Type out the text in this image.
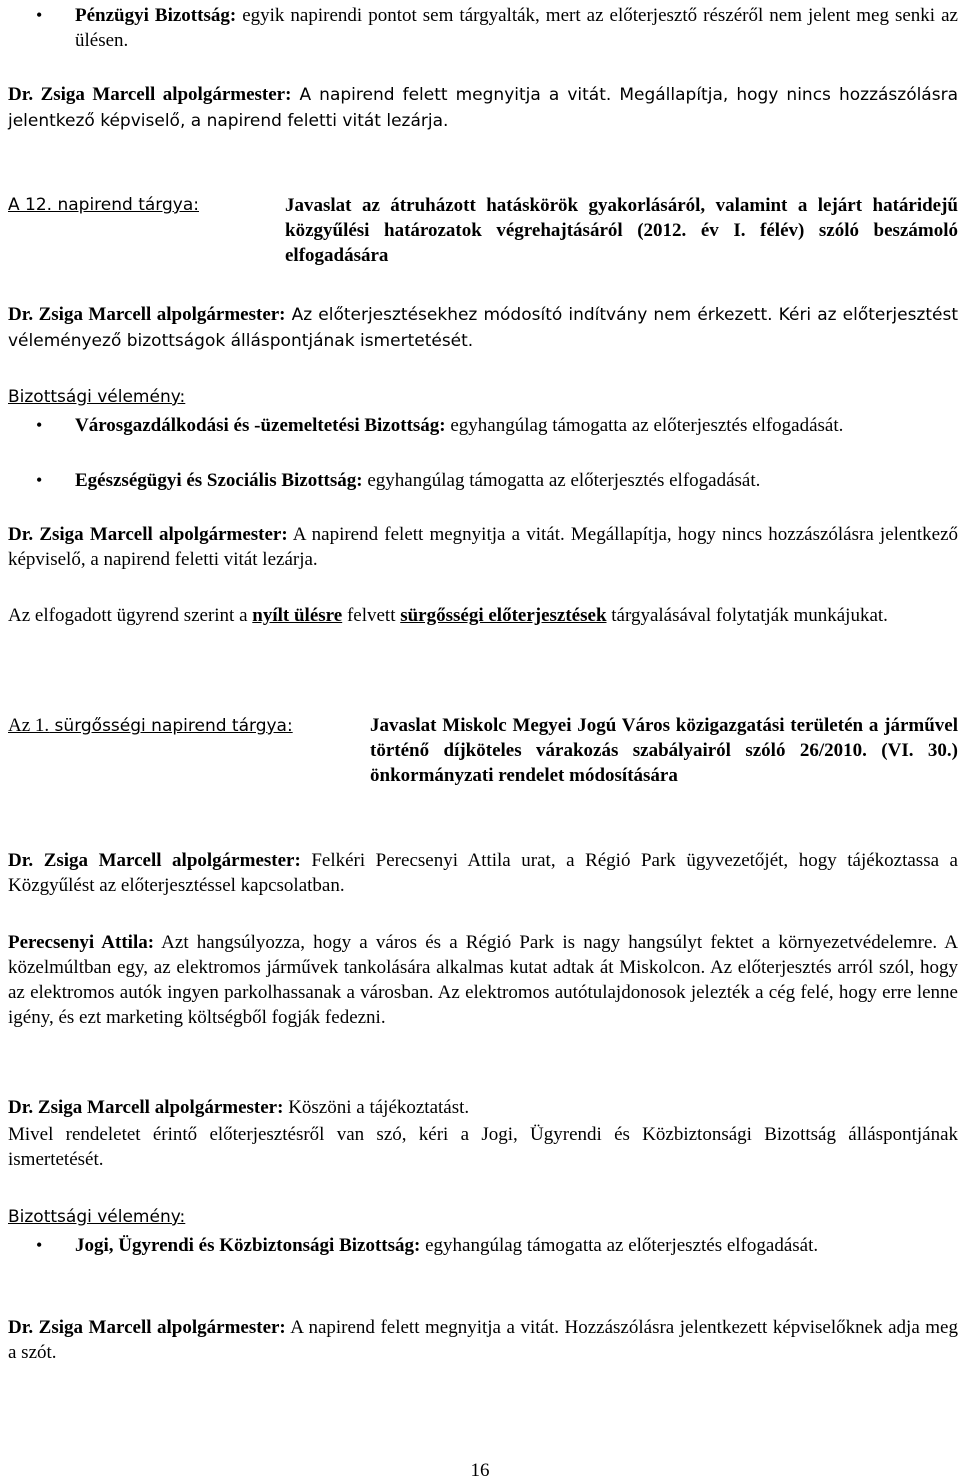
• Pénzügyi Bizottság: egyik napirendi pontot sem tárgyalták, mert az előterjesztő részéről nem jelent meg senki az ülésen.

Dr. Zsiga Marcell alpolgármester: A napirend felett megnyitja a vitát. Megállapítja, hogy nincs hozzászólásra jelentkező képviselő, a napirend feletti vitát lezárja.

A 12. napirend tárgya:	Javaslat az átruházott hatáskörök gyakorlásáról, valamint a lejárt határidejű közgyűlési határozatok végrehajtásáról (2012. év I. félév) szóló beszámoló elfogadására

Dr. Zsiga Marcell alpolgármester: Az előterjesztésekhez módosító indítvány nem érkezett. Kéri az előterjesztést véleményező bizottságok álláspontjának ismertetését.

Bizottsági vélemény:

• Városgazdálkodási és -üzemeltetési Bizottság: egyhangúlag támogatta az előterjesztés elfogadását.

• Egészségügyi és Szociális Bizottság: egyhangúlag támogatta az előterjesztés elfogadását.

Dr. Zsiga Marcell alpolgármester: A napirend felett megnyitja a vitát. Megállapítja, hogy nincs hozzászólásra jelentkező képviselő, a napirend feletti vitát lezárja.

Az elfogadott ügyrend szerint a nyílt ülésre felvett sürgősségi előterjesztések tárgyalásával folytatják munkájukat.

Az 1. sürgősségi napirend tárgya:	Javaslat Miskolc Megyei Jogú Város közigazgatási területén a járművel történő díjköteles várakozás szabályairól szóló 26/2010. (VI. 30.) önkormányzati rendelet módosítására

Dr. Zsiga Marcell alpolgármester: Felkéri Perecsenyi Attila urat, a Régió Park ügyvezetőjét, hogy tájékoztassa a Közgyűlést az előterjesztéssel kapcsolatban.

Perecsenyi Attila: Azt hangsúlyozza, hogy a város és a Régió Park is nagy hangsúlyt fektet a környezetvédelemre. A közelmúltban egy, az elektromos járművek tankolására alkalmas kutat adtak át Miskolcon. Az előterjesztés arról szól, hogy az elektromos autók ingyen parkolhassanak a városban. Az elektromos autótulajdonosok jelezték a cég felé, hogy erre lenne igény, és ezt marketing költségből fogják fedezni.

Dr. Zsiga Marcell alpolgármester: Köszöni a tájékoztatást.

Mivel rendeletet érintő előterjesztésről van szó, kéri a Jogi, Ügyrendi és Közbiztonsági Bizottság álláspontjának ismertetését.

Bizottsági vélemény:

• Jogi, Ügyrendi és Közbiztonsági Bizottság: egyhangúlag támogatta az előterjesztés elfogadását.

Dr. Zsiga Marcell alpolgármester: A napirend felett megnyitja a vitát. Hozzászólásra jelentkezett képviselőknek adja meg a szót.

16
